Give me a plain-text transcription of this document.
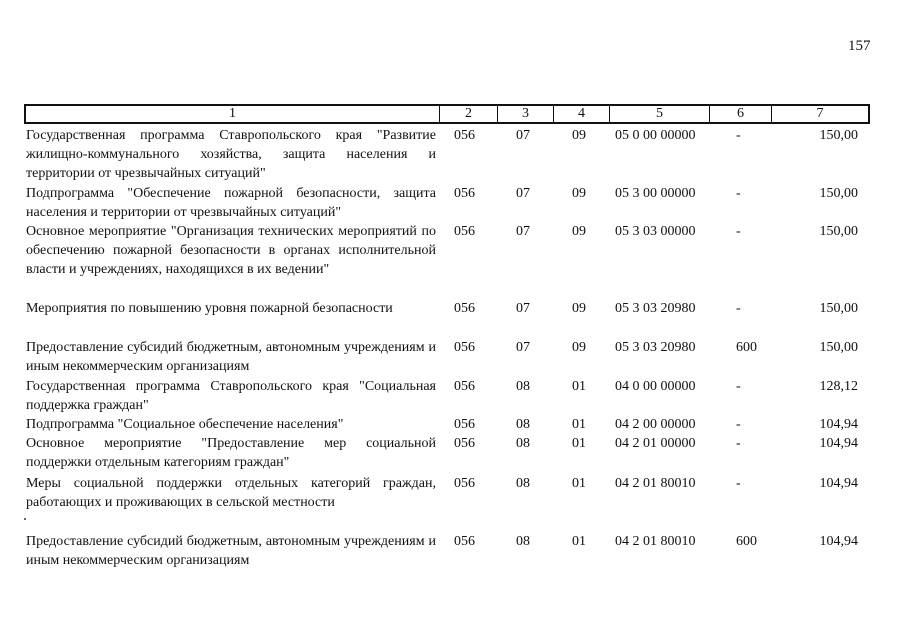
157
1	2	3	4	5	6	7
Государственная программа Ставропольского края "Развитие жилищно-коммунального хозяйства, защита населения и территории от чрезвычайных ситуаций"
056	07	09 05 0 00 00000	-	150,00
Подпрограмма "Обеспечение пожарной безопасности, защита населения и территории от чрезвычайных ситуаций"
056	07	09 05 3 00 00000	-	150,00
Основное мероприятие "Организация технических мероприятий по обеспечению пожарной безопасности в органах исполнительной власти и учреждениях, находящихся в их ведении"
056	07	09 05 3 03 00000	-	150,00
Мероприятия по повышению уровня пожарной безопасности	056	07	09 05 3 03 20980	-	150,00
Предоставление субсидий бюджетным, автономным учреждениям и иным некоммерческим организациям
056	07	09 05 3 03 20980	600	150,00
Государственная программа Ставропольского края "Социальная поддержка граждан"
056	08	01 04 0 00 00000	-	128,12
Подпрограмма "Социальное обеспечение населения"	056	08	01 04 2 00 00000	-	104,94
Основное мероприятие "Предоставление мер социальной поддержки отдельным категориям граждан"
056	08	01 04 2 01 00000	-	104,94
Меры социальной поддержки отдельных категорий граждан, работающих и проживающих в сельской местности
056	08	01 04 2 01 80010	-	104,94
Предоставление субсидий бюджетным, автономным учреждениям и иным некоммерческим организациям
056	08	01 04 2 01 80010	600	104,94
